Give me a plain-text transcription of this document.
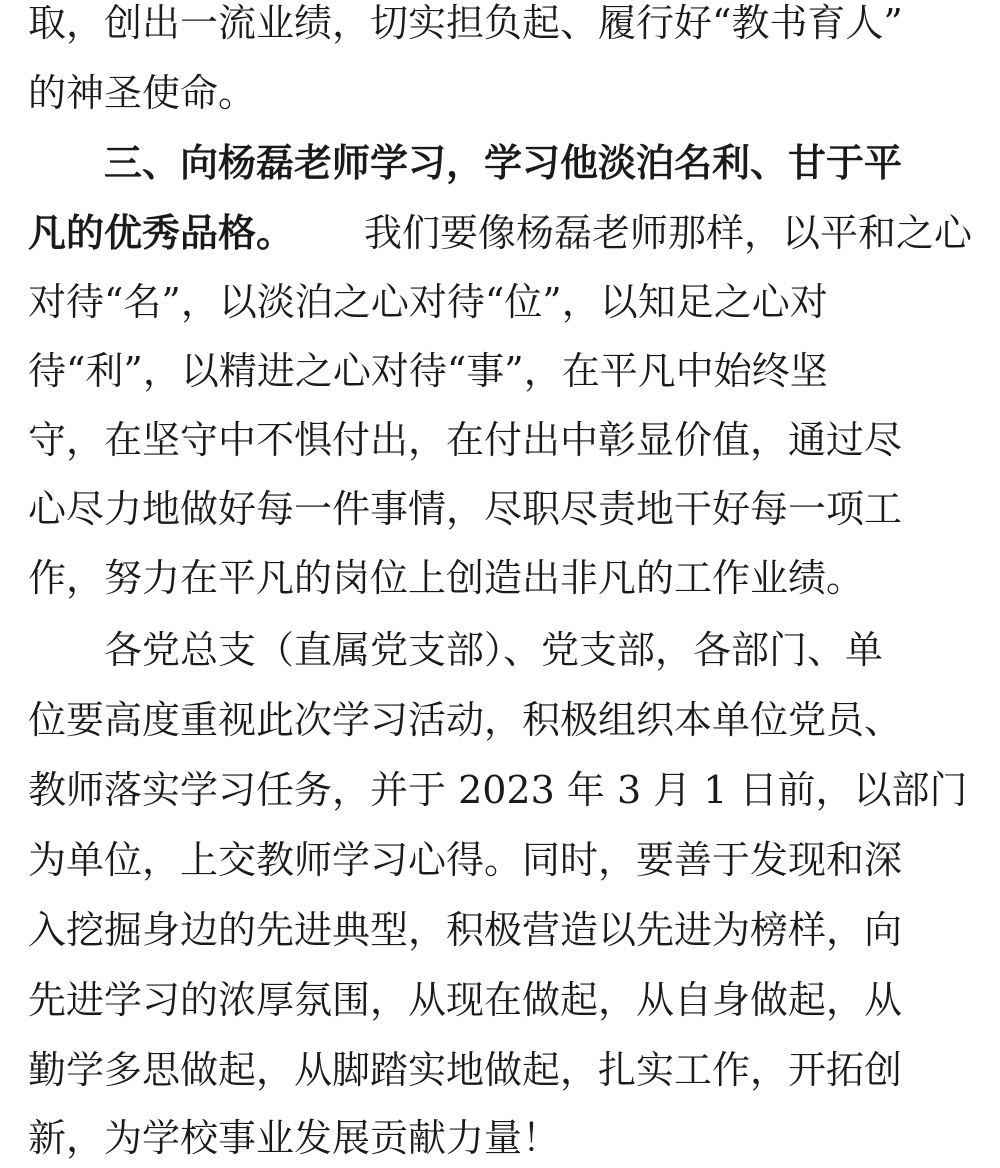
取，创出一流业绩，切实担负起、履行好“教书育人”
的神圣使命。
三、向杨磊老师学习，学习他淡泊名利、甘于平
凡的优秀品格。 我们要像杨磊老师那样，以平和之心
对待“名”，以淡泊之心对待“位”，以知足之心对
待“利”，以精进之心对待“事”，在平凡中始终坚
守，在坚守中不惧付出，在付出中彰显价值，通过尽
心尽力地做好每一件事情，尽职尽责地干好每一项工
作，努力在平凡的岗位上创造出非凡的工作业绩。
各党总支（直属党支部）、党支部，各部门、单
位要高度重视此次学习活动，积极组织本单位党员、
教师落实学习任务，并于 2023 年 3 月 1 日前，以部门
为单位，上交教师学习心得。同时，要善于发现和深
入挖掘身边的先进典型，积极营造以先进为榜样，向
先进学习的浓厚氛围，从现在做起，从自身做起，从
勤学多思做起，从脚踏实地做起，扎实工作，开拓创
新，为学校事业发展贡献力量！
